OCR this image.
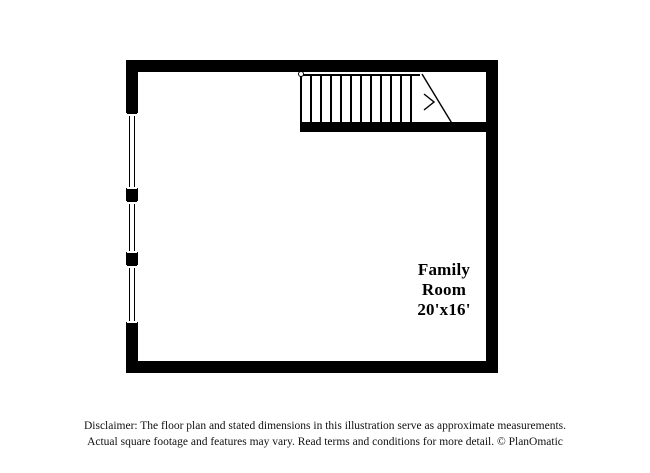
Family
Room
20'x16'
Disclaimer: The floor plan and stated dimensions in this illustration serve as approximate measurements.
Actual square footage and features may vary. Read terms and conditions for more detail. © PlanOmatic
